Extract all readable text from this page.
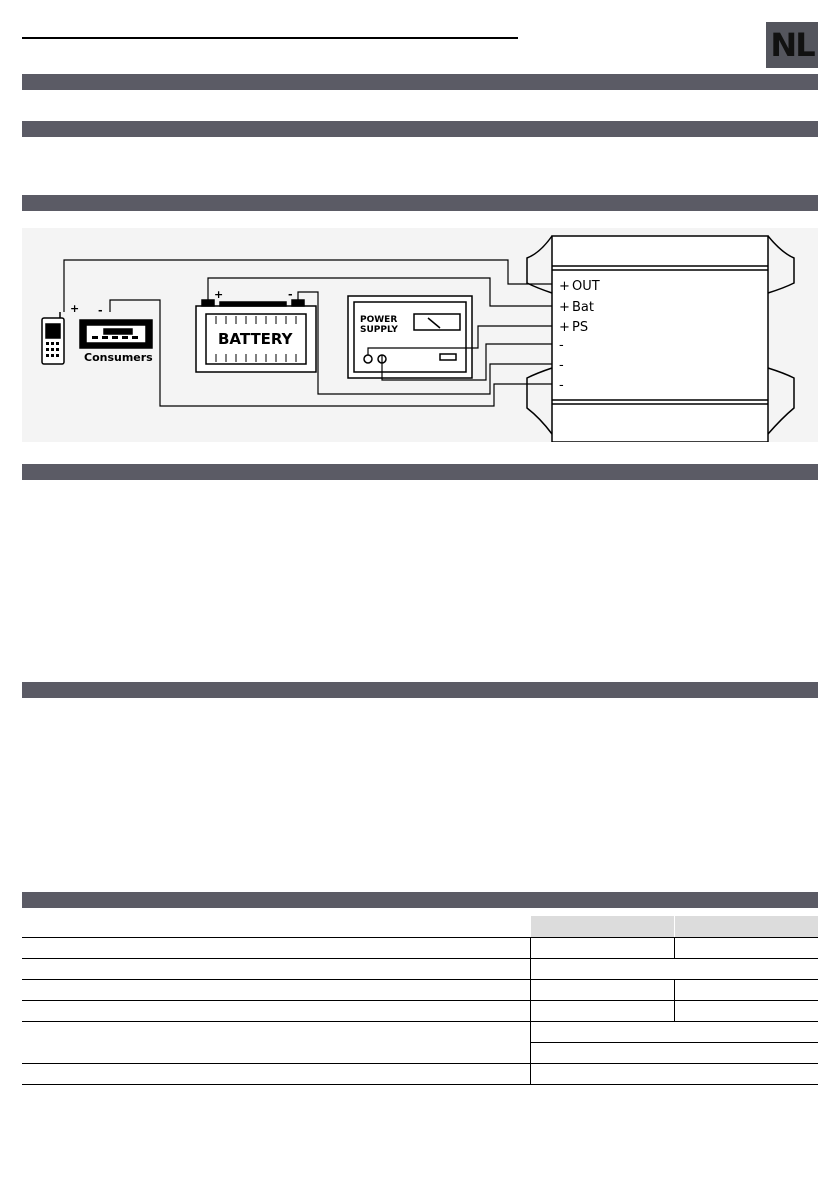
NL
Consumers
+ -
BATTERY
+	-
POWER
SUPPLY
+ OUT
+ Bat
+ PS
-
-
-
